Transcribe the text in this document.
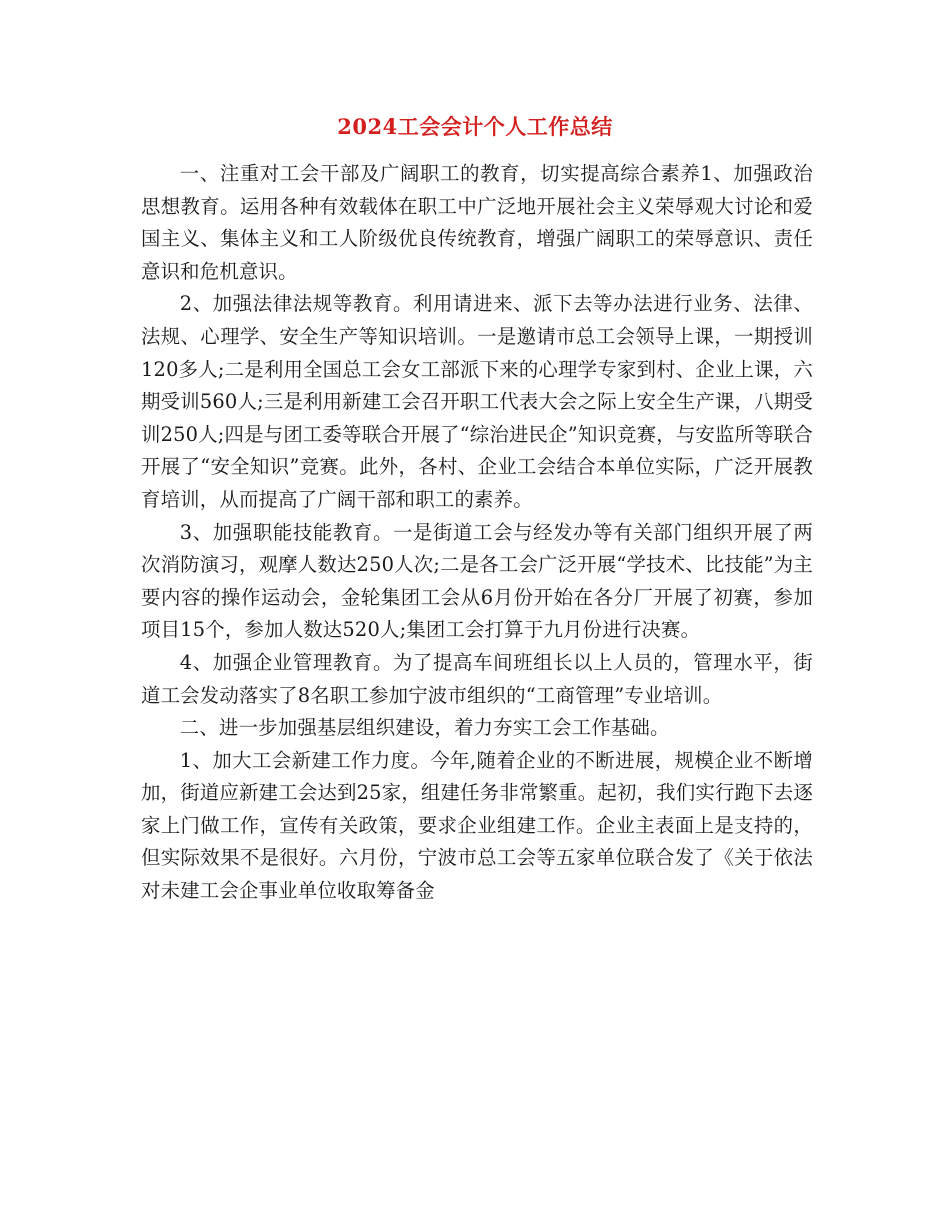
2024工会会计个人工作总结

一、注重对工会干部及广阔职工的教育，切实提高综合素养1、加强政治思想教育。运用各种有效载体在职工中广泛地开展社会主义荣辱观大讨论和爱国主义、集体主义和工人阶级优良传统教育，增强广阔职工的荣辱意识、责任意识和危机意识。

2、加强法律法规等教育。利用请进来、派下去等办法进行业务、法律、法规、心理学、安全生产等知识培训。一是邀请市总工会领导上课，一期授训120多人;二是利用全国总工会女工部派下来的心理学专家到村、企业上课，六期受训560人;三是利用新建工会召开职工代表大会之际上安全生产课，八期受训250人;四是与团工委等联合开展了“综治进民企”知识竞赛，与安监所等联合开展了“安全知识”竞赛。此外，各村、企业工会结合本单位实际，广泛开展教育培训，从而提高了广阔干部和职工的素养。

3、加强职能技能教育。一是街道工会与经发办等有关部门组织开展了两次消防演习，观摩人数达250人次;二是各工会广泛开展“学技术、比技能”为主要内容的操作运动会，金轮集团工会从6月份开始在各分厂开展了初赛，参加项目15个，参加人数达520人;集团工会打算于九月份进行决赛。

4、加强企业管理教育。为了提高车间班组长以上人员的，管理水平，街道工会发动落实了8名职工参加宁波市组织的“工商管理”专业培训。

二、进一步加强基层组织建设，着力夯实工会工作基础。

1、加大工会新建工作力度。今年,随着企业的不断进展，规模企业不断增加，街道应新建工会达到25家，组建任务非常繁重。起初，我们实行跑下去逐家上门做工作，宣传有关政策，要求企业组建工作。企业主表面上是支持的，但实际效果不是很好。六月份，宁波市总工会等五家单位联合发了《关于依法对未建工会企事业单位收取筹备金
